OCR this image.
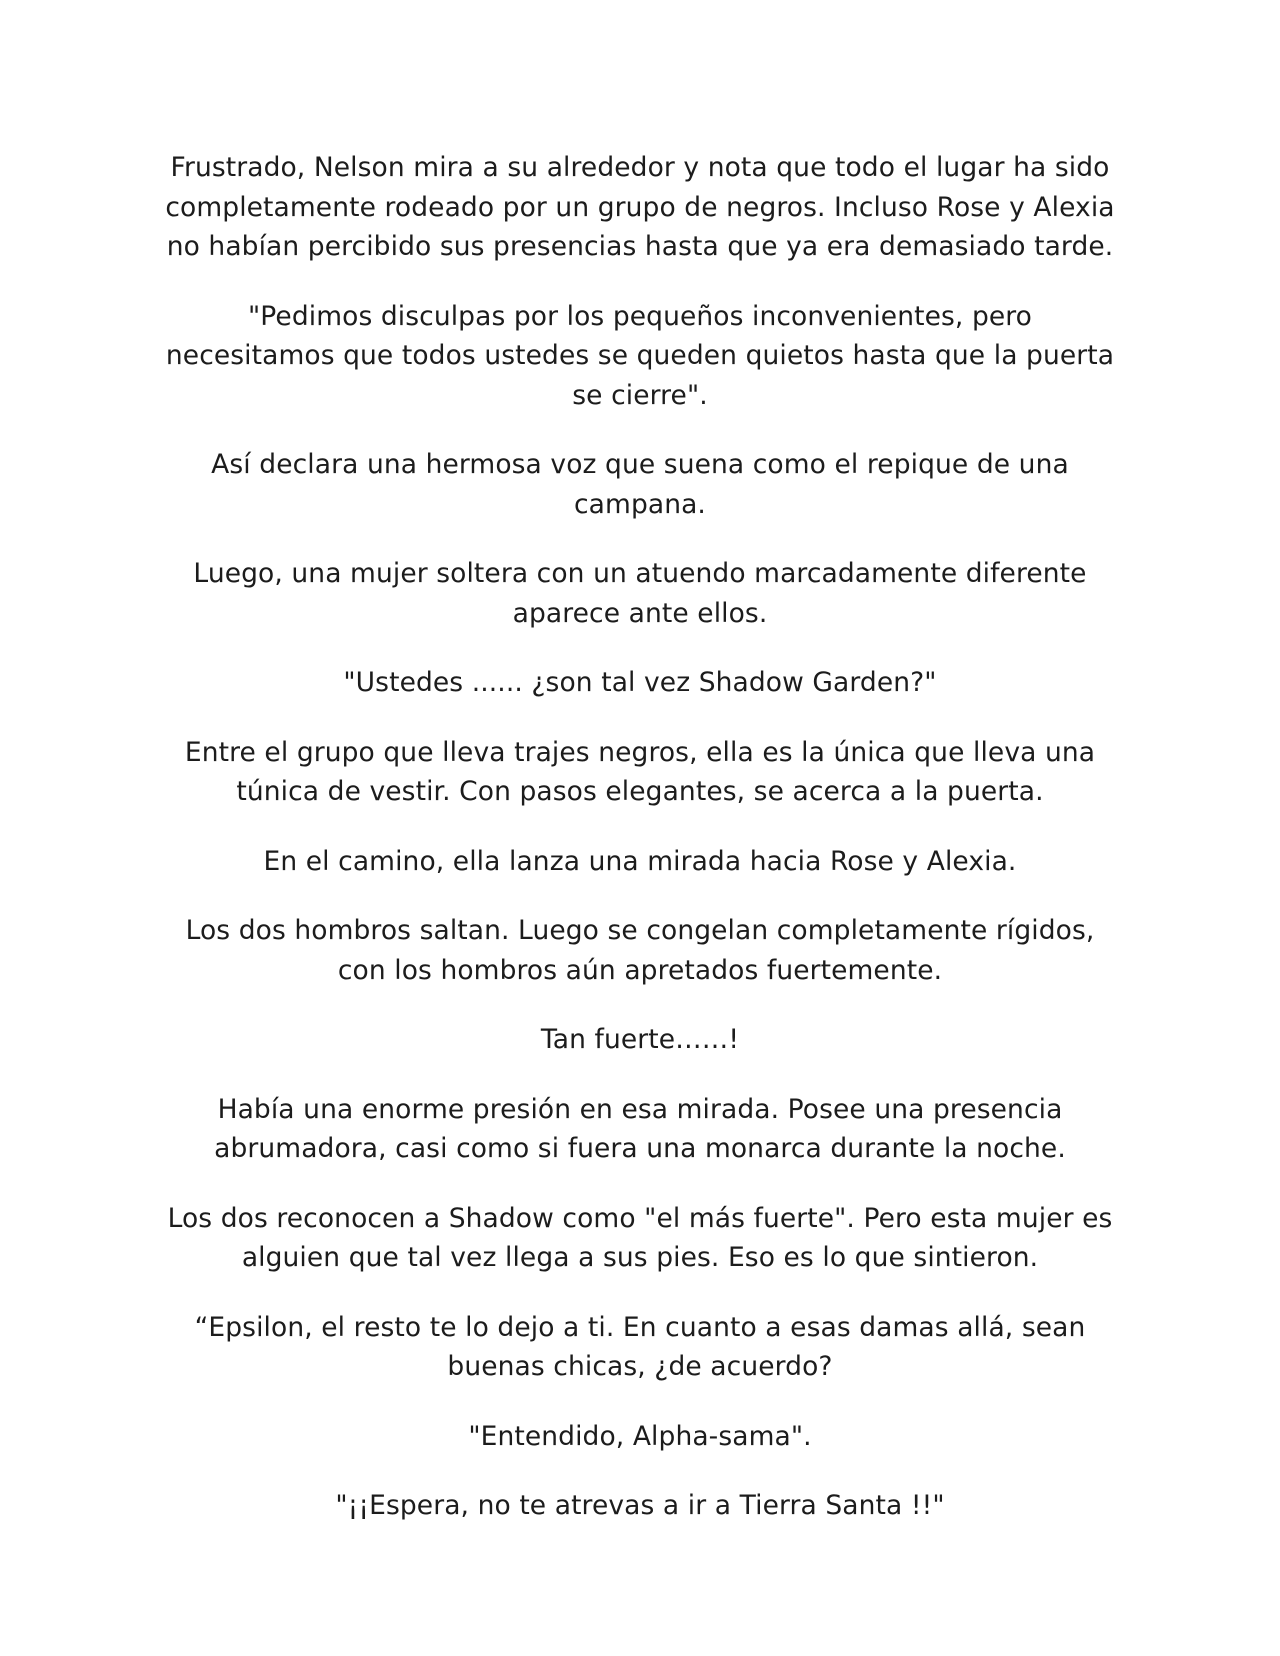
Frustrado, Nelson mira a su alrededor y nota que todo el lugar ha sido completamente rodeado por un grupo de negros. Incluso Rose y Alexia no habían percibido sus presencias hasta que ya era demasiado tarde.

"Pedimos disculpas por los pequeños inconvenientes, pero necesitamos que todos ustedes se queden quietos hasta que la puerta se cierre".

Así declara una hermosa voz que suena como el repique de una campana.

Luego, una mujer soltera con un atuendo marcadamente diferente aparece ante ellos.

"Ustedes ...... ¿son tal vez Shadow Garden?"

Entre el grupo que lleva trajes negros, ella es la única que lleva una túnica de vestir. Con pasos elegantes, se acerca a la puerta.

En el camino, ella lanza una mirada hacia Rose y Alexia.

Los dos hombros saltan. Luego se congelan completamente rígidos, con los hombros aún apretados fuertemente.

Tan fuerte……!

Había una enorme presión en esa mirada. Posee una presencia abrumadora, casi como si fuera una monarca durante la noche.

Los dos reconocen a Shadow como "el más fuerte". Pero esta mujer es alguien que tal vez llega a sus pies. Eso es lo que sintieron.

“Epsilon, el resto te lo dejo a ti. En cuanto a esas damas allá, sean buenas chicas, ¿de acuerdo?

"Entendido, Alpha-sama".

"¡¡Espera, no te atrevas a ir a Tierra Santa !!"
